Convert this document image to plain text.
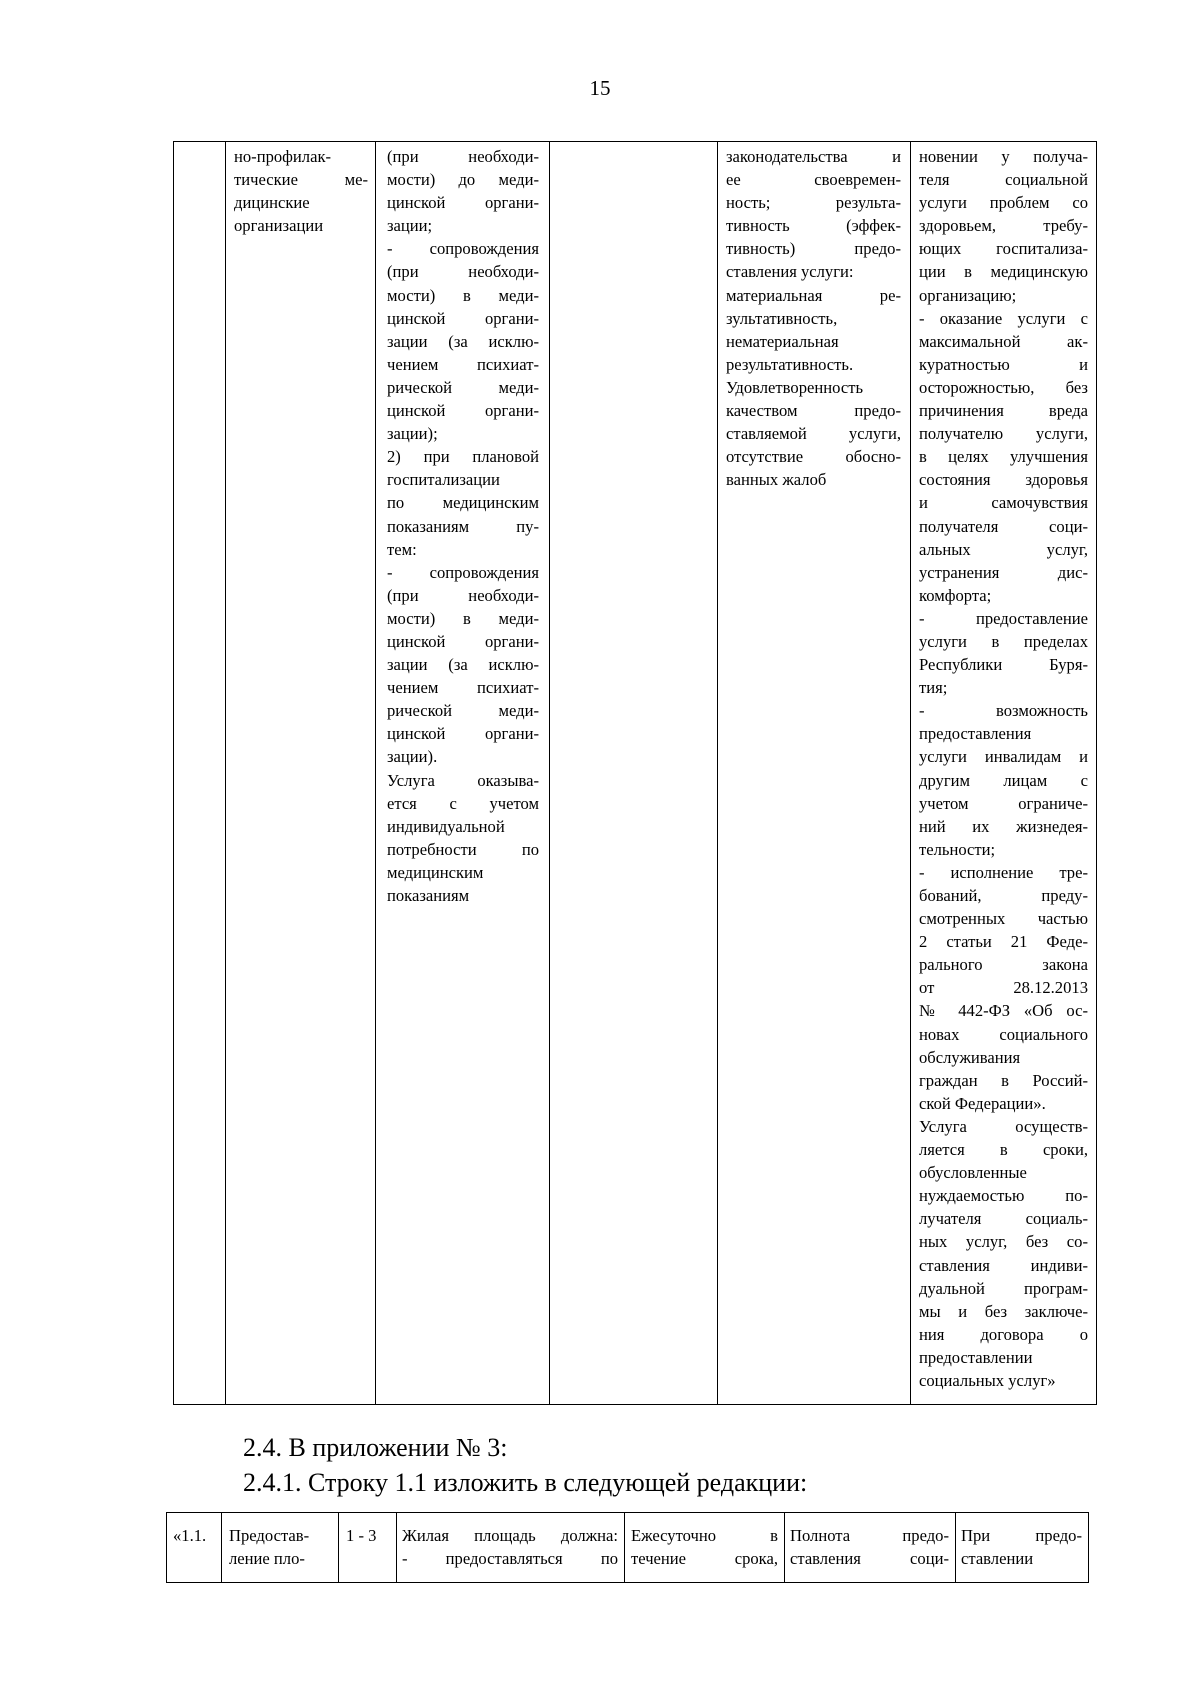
15
но-профилак-
тические ме-
дицинские
организации
(при необходи-
мости) до меди-
цинской органи-
зации;
- сопровождения
(при необходи-
мости) в меди-
цинской органи-
зации (за исклю-
чением психиат-
рической меди-
цинской органи-
зации);
2) при плановой
госпитализации
по медицинским
показаниям пу-
тем:
- сопровождения
(при необходи-
мости) в меди-
цинской органи-
зации (за исклю-
чением психиат-
рической меди-
цинской органи-
зации).
Услуга оказыва-
ется с учетом
индивидуальной
потребности по
медицинским
показаниям
законодательства и
ее своевремен-
ность; результа-
тивность (эффек-
тивность) предо-
ставления услуги:
материальная ре-
зультативность,
нематериальная
результативность.
Удовлетворенность
качеством предо-
ставляемой услуги,
отсутствие обосно-
ванных жалоб
новении у получа-
теля социальной
услуги проблем со
здоровьем, требу-
ющих госпитализа-
ции в медицинскую
организацию;
- оказание услуги с
максимальной ак-
куратностью и
осторожностью, без
причинения вреда
получателю услуги,
в целях улучшения
состояния здоровья
и самочувствия
получателя соци-
альных услуг,
устранения дис-
комфорта;
- предоставление
услуги в пределах
Республики Буря-
тия;
- возможность
предоставления
услуги инвалидам и
другим лицам с
учетом ограниче-
ний их жизнедея-
тельности;
- исполнение тре-
бований, преду-
смотренных частью
2 статьи 21 Феде-
рального закона
от 28.12.2013
№ 442-ФЗ «Об ос-
новах социального
обслуживания
граждан в Россий-
ской Федерации».
Услуга осуществ-
ляется в сроки,
обусловленные
нуждаемостью по-
лучателя социаль-
ных услуг, без со-
ставления индиви-
дуальной програм-
мы и без заключе-
ния договора о
предоставлении
социальных услуг»
2.4. В приложении № 3:
2.4.1. Строку 1.1 изложить в следующей редакции:
«1.1. Предостав-
ление пло-
1 - 3 Жилая площадь должна:
- предоставляться по
Ежесуточно в
течение срока,
Полнота предо-
ставления соци-
При предо-
ставлении
